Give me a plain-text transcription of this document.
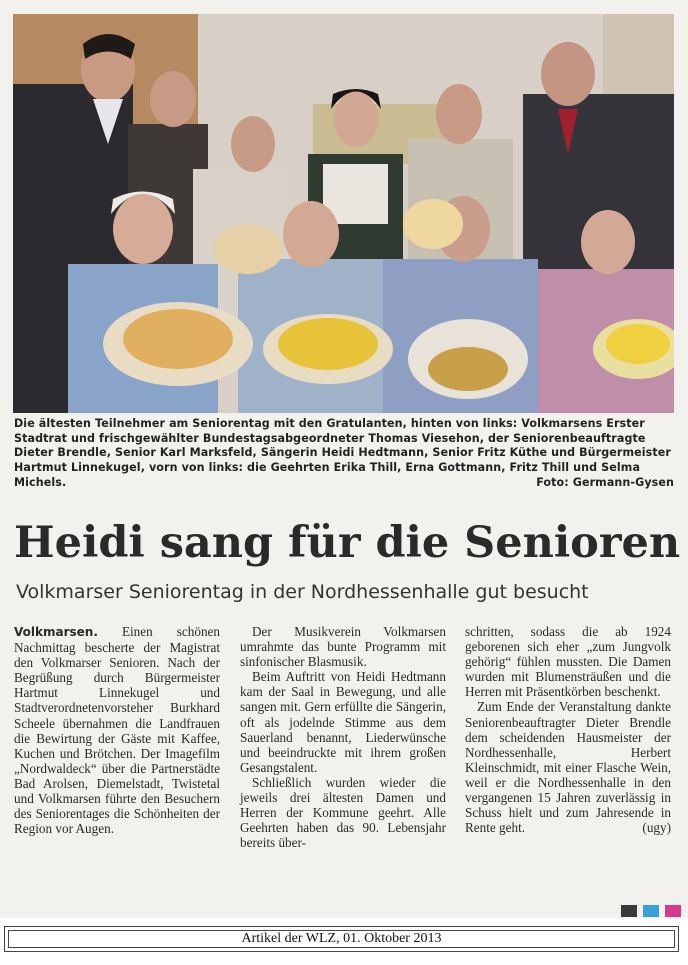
Die ältesten Teilnehmer am Seniorentag mit den Gratulanten, hinten von links: Volkmarsens Erster Stadtrat und frischgewählter Bundestagsabgeordneter Thomas Viesehon, der Seniorenbeauftragte Dieter Brendle, Senior Karl Marksfeld, Sängerin Heidi Hedtmann, Senior Fritz Küthe und Bürgermeister Hartmut Linnekugel, vorn von links: die Geehrten Erika Thill, Erna Gottmann, Fritz Thill und Selma Michels.	Foto: Germann-Gysen
Heidi sang für die Senioren
Volkmarser Seniorentag in der Nordhessenhalle gut besucht

Volkmarsen. Einen schönen Nachmittag bescherte der Magistrat den Volkmarser Senioren. Nach der Begrüßung durch Bürgermeister Hartmut Linnekugel und Stadtverordnetenvorsteher Burkhard Scheele übernahmen die Landfrauen die Bewirtung der Gäste mit Kaffee, Kuchen und Brötchen. Der Imagefilm „Nordwaldeck“ über die Partnerstädte Bad Arolsen, Diemelstadt, Twistetal und Volkmarsen führte den Besuchern des Seniorentages die Schönheiten der Region vor Augen.

Der Musikverein Volkmarsen umrahmte das bunte Programm mit sinfonischer Blasmusik.

Beim Auftritt von Heidi Hedtmann kam der Saal in Bewegung, und alle sangen mit. Gern erfüllte die Sängerin, oft als jodelnde Stimme aus dem Sauerland benannt, Liederwünsche und beeindruckte mit ihrem großen Gesangstalent.

Schließlich wurden wieder die jeweils drei ältesten Damen und Herren der Kommune geehrt. Alle Geehrten haben das 90. Lebensjahr bereits über-

schritten, sodass die ab 1924 geborenen sich eher „zum Jungvolk gehörig“ fühlen mussten. Die Damen wurden mit Blumensträußen und die Herren mit Präsentkörben beschenkt.

Zum Ende der Veranstaltung dankte Seniorenbeauftragter Dieter Brendle dem scheidenden Hausmeister der Nordhessenhalle, Herbert Kleinschmidt, mit einer Flasche Wein, weil er die Nordhessenhalle in den vergangenen 15 Jahren zuverlässig in Schuss hielt und zum Jahresende in Rente geht.	(ugy)

Artikel der WLZ, 01. Oktober 2013
